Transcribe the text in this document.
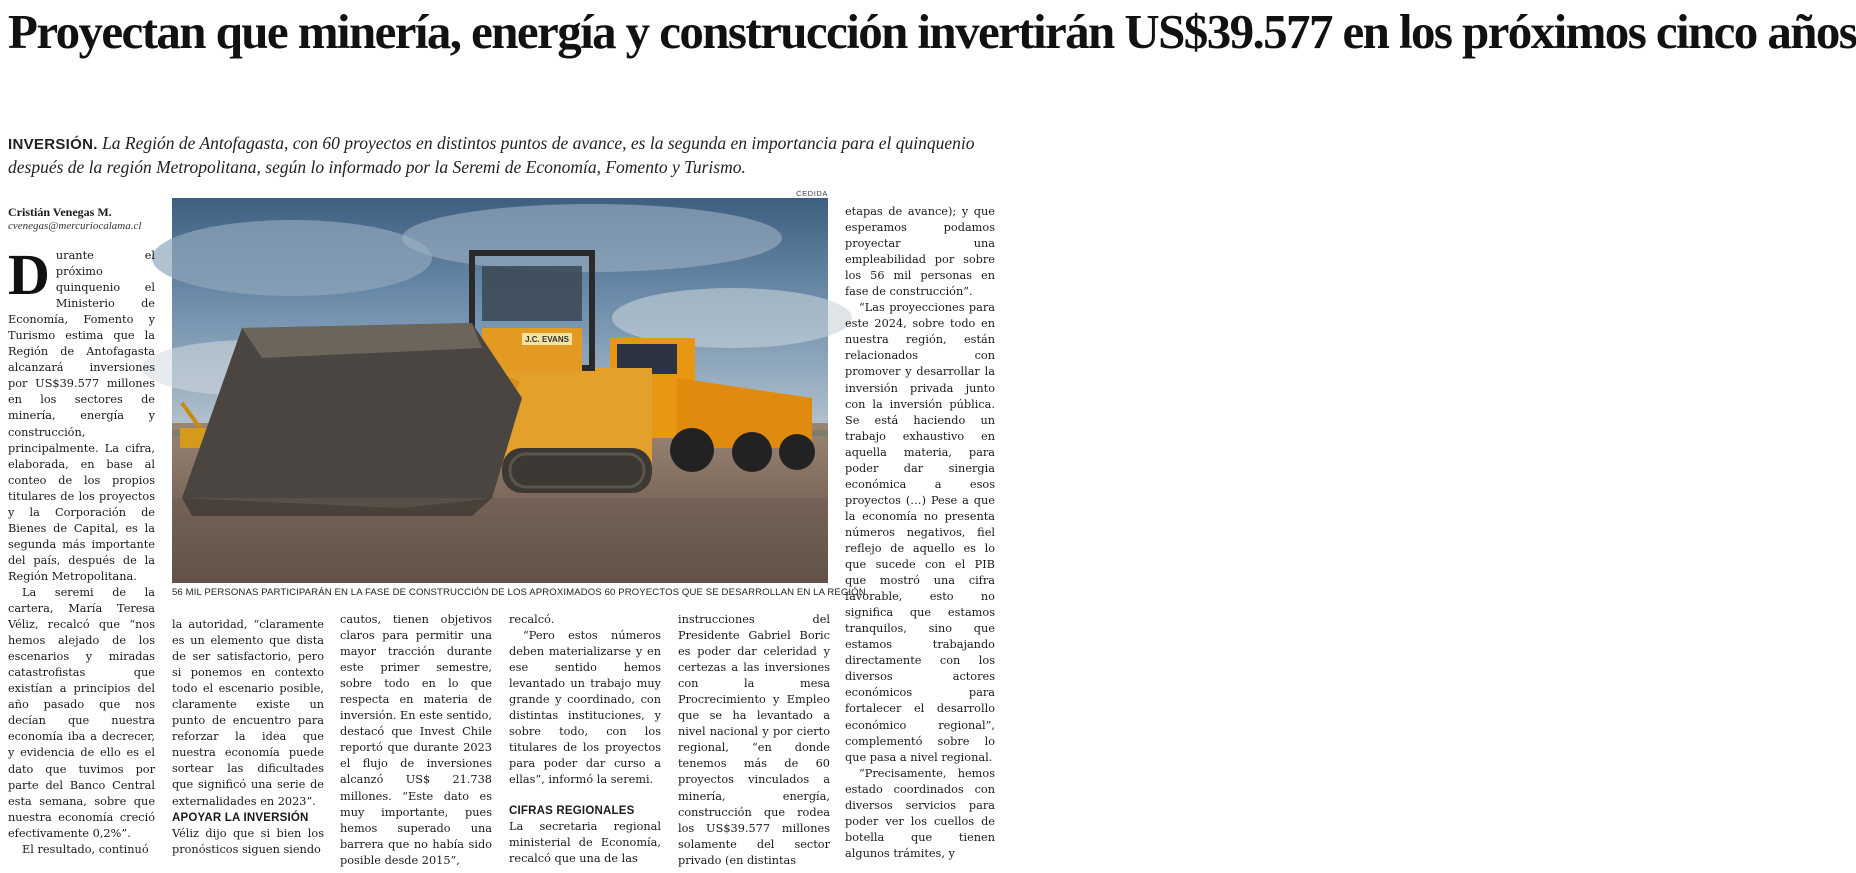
Proyectan que minería, energía y construcción invertirán US$39.577 en los próximos cinco años

INVERSIÓN. La Región de Antofagasta, con 60 proyectos en distintos puntos de avance, es la segunda en importancia para el quinquenio después de la región Metropolitana, según lo informado por la Seremi de Economía, Fomento y Turismo.

Cristián Venegas M.
cvenegas@mercuriocalama.cl
CEDIDA
J.C. EVANS

56 MIL PERSONAS PARTICIPARÁN EN LA FASE DE CONSTRUCCIÓN DE LOS APROXIMADOS 60 PROYECTOS QUE SE DESARROLLAN EN LA REGIÓN.

Durante el próximo quinquenio el Ministerio de Economía, Fomento y Turismo estima que la Región de Antofagasta alcanzará inversiones por US$39.577 millones en los sectores de minería, energía y construcción, principalmente. La cifra, elaborada, en base al conteo de los propios titulares de los proyectos y la Corporación de Bienes de Capital, es la segunda más importante del país, después de la Región Metropolitana.

La seremi de la cartera, María Teresa Véliz, recalcó que “nos hemos alejado de los escenarios y miradas catastrofistas que existían a principios del año pasado que nos decían que nuestra economía iba a decrecer, y evidencia de ello es el dato que tuvimos por parte del Banco Central esta semana, sobre que nuestra economía creció efectivamente 0,2%”.

El resultado, continuó

la autoridad, “claramente es un elemento que dista de ser satisfactorio, pero si ponemos en contexto todo el escenario posible, claramente existe un punto de encuentro para reforzar la idea que nuestra economía puede sortear las dificultades que significó una serie de externalidades en 2023”.

APOYAR LA INVERSIÓN

Véliz dijo que si bien los pronósticos siguen siendo

cautos, tienen objetivos claros para permitir una mayor tracción durante este primer semestre, sobre todo en lo que respecta en materia de inversión. En este sentido, destacó que Invest Chile reportó que durante 2023 el flujo de inversiones alcanzó US$ 21.738 millones. “Este dato es muy importante, pues hemos superado una barrera que no había sido posible desde 2015”,

recalcó.

“Pero estos números deben materializarse y en ese sentido hemos levantado un trabajo muy grande y coordinado, con distintas instituciones, y sobre todo, con los titulares de los proyectos para poder dar curso a ellas”, informó la seremi.

CIFRAS REGIONALES

La secretaria regional ministerial de Economía, recalcó que una de las

instrucciones del Presidente Gabriel Boric es poder dar celeridad y certezas a las inversiones con la mesa Procrecimiento y Empleo que se ha levantado a nivel nacional y por cierto regional, “en donde tenemos más de 60 proyectos vinculados a minería, energía, construcción que rodea los US$39.577 millones solamente del sector privado (en distintas

etapas de avance); y que esperamos podamos proyectar una empleabilidad por sobre los 56 mil personas en fase de construcción”.

“Las proyecciones para este 2024, sobre todo en nuestra región, están relacionados con promover y desarrollar la inversión privada junto con la inversión pública. Se está haciendo un trabajo exhaustivo en aquella materia, para poder dar sinergia económica a esos proyectos (…) Pese a que la economía no presenta números negativos, fiel reflejo de aquello es lo que sucede con el PIB que mostró una cifra favorable, esto no significa que estamos tranquilos, sino que estamos trabajando directamente con los diversos actores económicos para fortalecer el desarrollo económico regional”, complementó sobre lo que pasa a nivel regional.

“Precisamente, hemos estado coordinados con diversos servicios para poder ver los cuellos de botella que tienen algunos trámites, y
